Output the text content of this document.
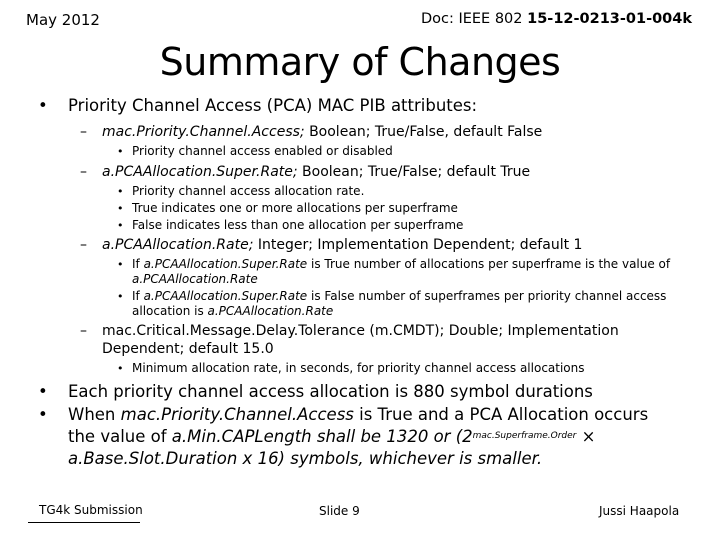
May 2012	Doc: IEEE 802 15-12-0213-01-004k
Summary of Changes
• Priority Channel Access (PCA) MAC PIB attributes:
– mac.Priority.Channel.Access; Boolean; True/False, default False
• Priority channel access enabled or disabled
– a.PCAAllocation.Super.Rate; Boolean; True/False; default True
• Priority channel access allocation rate.
• True indicates one or more allocations per superframe
• False indicates less than one allocation per superframe
– a.PCAAllocation.Rate; Integer; Implementation Dependent; default 1
• If a.PCAAllocation.Super.Rate is True number of allocations per superframe is the value of a.PCAAllocation.Rate
• If a.PCAAllocation.Super.Rate is False number of superframes per priority channel access allocation is a.PCAAllocation.Rate
– mac.Critical.Message.Delay.Tolerance (m.CMDT); Double; Implementation Dependent; default 15.0
• Minimum allocation rate, in seconds, for priority channel access allocations
• Each priority channel access allocation is 880 symbol durations
• When mac.Priority.Channel.Access is True and a PCA Allocation occurs the value of a.Min.CAPLength shall be 1320 or ($2^{mac.Superframe.Order}$ × a.Base.Slot.Duration x 16) symbols, whichever is smaller.
TG4k Submission	Slide 9	Jussi Haapola
